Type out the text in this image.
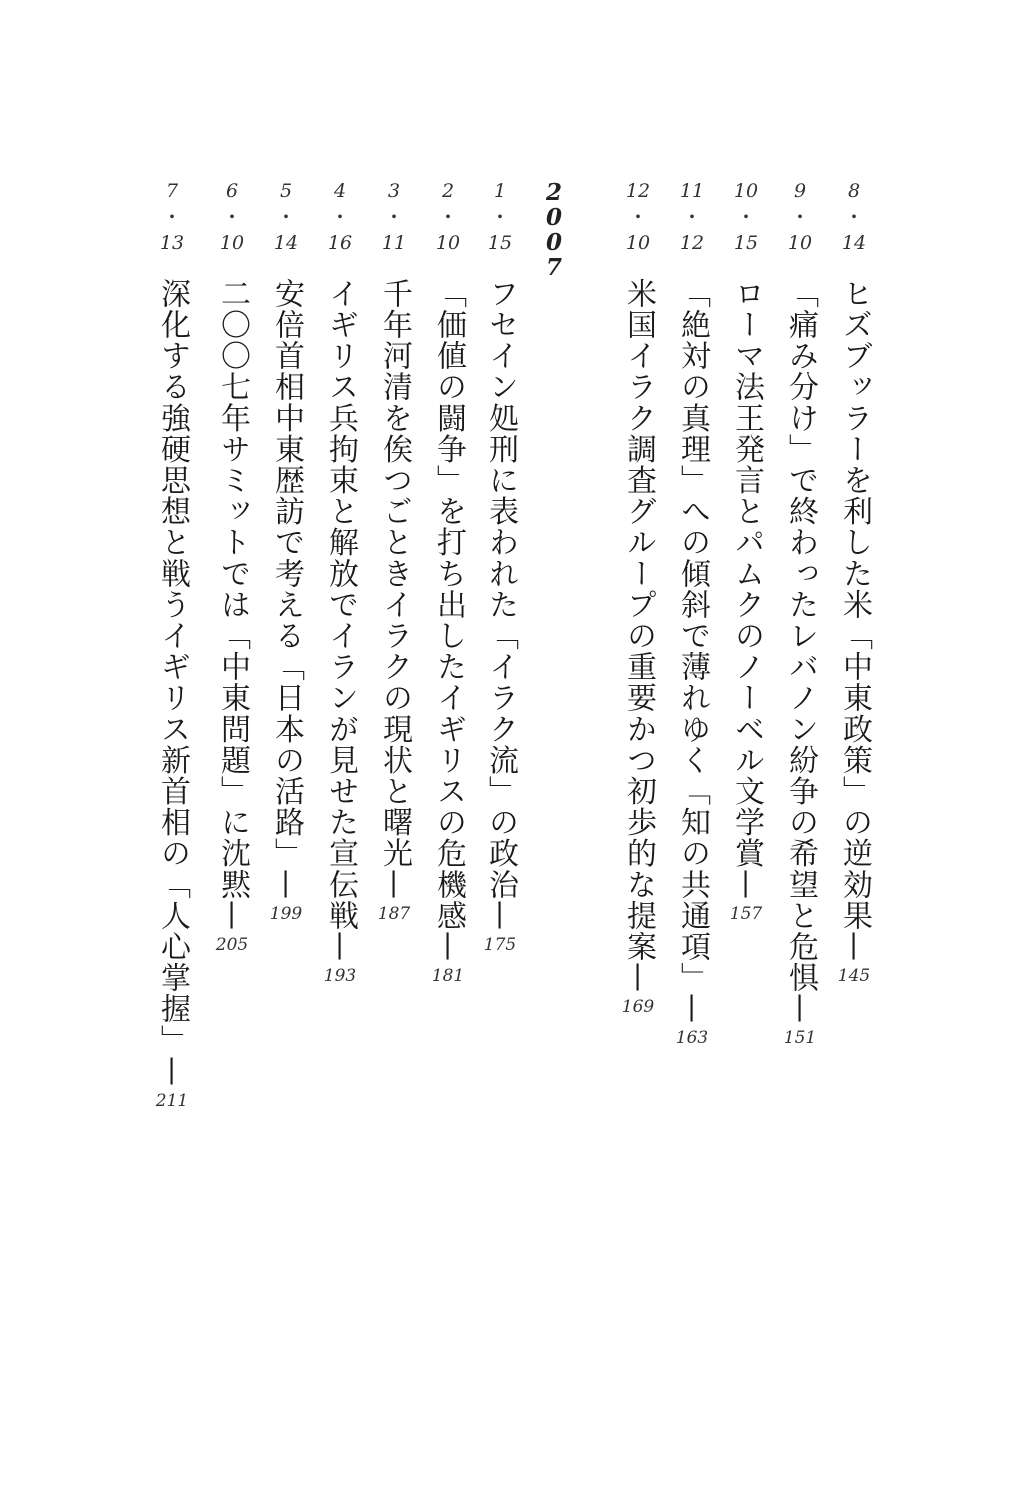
2
0
0
7
8
・
14
ヒズブッラーを利した米「中東政策」の逆効果—
145
9
・
10
「痛み分け」で終わったレバノン紛争の希望と危惧—
151
10
・
15
ローマ法王発言とパムクのノーベル文学賞—
157
11
・
12
「絶対の真理」への傾斜で薄れゆく「知の共通項」—
163
12
・
10
米国イラク調査グループの重要かつ初歩的な提案—
169
1
・
15
フセイン処刑に表われた「イラク流」の政治—
175
2
・
10
「価値の闘争」を打ち出したイギリスの危機感—
181
3
・
11
千年河清を俟つごときイラクの現状と曙光—
187
4
・
16
イギリス兵拘束と解放でイランが見せた宣伝戦—
193
5
・
14
安倍首相中東歴訪で考える「日本の活路」—
199
6
・
10
二〇〇七年サミットでは「中東問題」に沈黙—
205
7
・
13
深化する強硬思想と戦うイギリス新首相の「人心掌握」—
211
